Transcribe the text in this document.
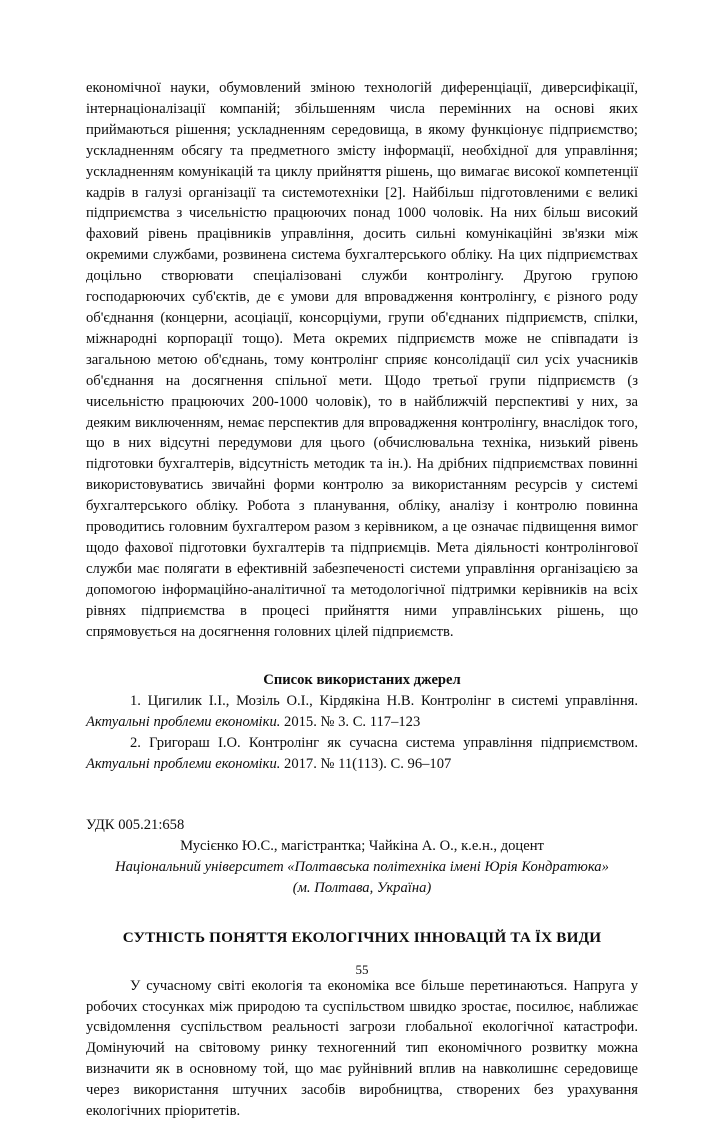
економічної науки, обумовлений зміною технологій диференціації, диверсифікації, інтернаціоналізації компаній; збільшенням числа перемінних на основі яких приймаються рішення; ускладненням середовища, в якому функціонує підприємство; ускладненням обсягу та предметного змісту інформації, необхідної для управління; ускладненням комунікацій та циклу прийняття рішень, що вимагає високої компетенції кадрів в галузі організації та системотехніки [2]. Найбільш підготовленими є великі підприємства з чисельністю працюючих понад 1000 чоловік. На них більш високий фаховий рівень працівників управління, досить сильні комунікаційні зв'язки між окремими службами, розвинена система бухгалтерського обліку. На цих підприємствах доцільно створювати спеціалізовані служби контролінгу. Другою групою господарюючих суб'єктів, де є умови для впровадження контролінгу, є різного роду об'єднання (концерни, асоціації, консорціуми, групи об'єднаних підприємств, спілки, міжнародні корпорації тощо). Мета окремих підприємств може не співпадати із загальною метою об'єднань, тому контролінг сприяє консолідації сил усіх учасників об'єднання на досягнення спільної мети. Щодо третьої групи підприємств (з чисельністю працюючих 200-1000 чоловік), то в найближчій перспективі у них, за деяким виключенням, немає перспектив для впровадження контролінгу, внаслідок того, що в них відсутні передумови для цього (обчислювальна техніка, низький рівень підготовки бухгалтерів, відсутність методик та ін.). На дрібних підприємствах повинні використовуватись звичайні форми контролю за використанням ресурсів у системі бухгалтерського обліку. Робота з планування, обліку, аналізу і контролю повинна проводитись головним бухгалтером разом з керівником, а це означає підвищення вимог щодо фахової підготовки бухгалтерів та підприємців. Мета діяльності контролінгової служби має полягати в ефективній забезпеченості системи управління організацією за допомогою інформаційно-аналітичної та методологічної підтримки керівників на всіх рівнях підприємства в процесі прийняття ними управлінських рішень, що спрямовується на досягнення головних цілей підприємств.

Список використаних джерел

1. Цигилик І.І., Мозіль О.І., Кірдякіна Н.В. Контролінг в системі управління. Актуальні проблеми економіки. 2015. № 3. С. 117–123

2. Григораш І.О. Контролінг як сучасна система управління підприємством. Актуальні проблеми економіки. 2017. № 11(113). С. 96–107

УДК 005.21:658

Мусієнко Ю.С., магістрантка; Чайкіна А. О., к.е.н., доцент

Національний університет «Полтавська політехніка імені Юрія Кондратюка»

(м. Полтава, Україна)

СУТНІСТЬ ПОНЯТТЯ ЕКОЛОГІЧНИХ ІННОВАЦІЙ ТА ЇХ ВИДИ

У сучасному світі екологія та економіка все більше перетинаються. Напруга у робочих стосунках між природою та суспільством швидко зростає, посилює, наближає усвідомлення суспільством реальності загрози глобальної екологічної катастрофи. Домінуючий на світовому ринку техногенний тип економічного розвитку можна визначити як в основному той, що має руйнівний вплив на навколишнє середовище через використання штучних засобів виробництва, створених без урахування екологічних пріоритетів.

55
